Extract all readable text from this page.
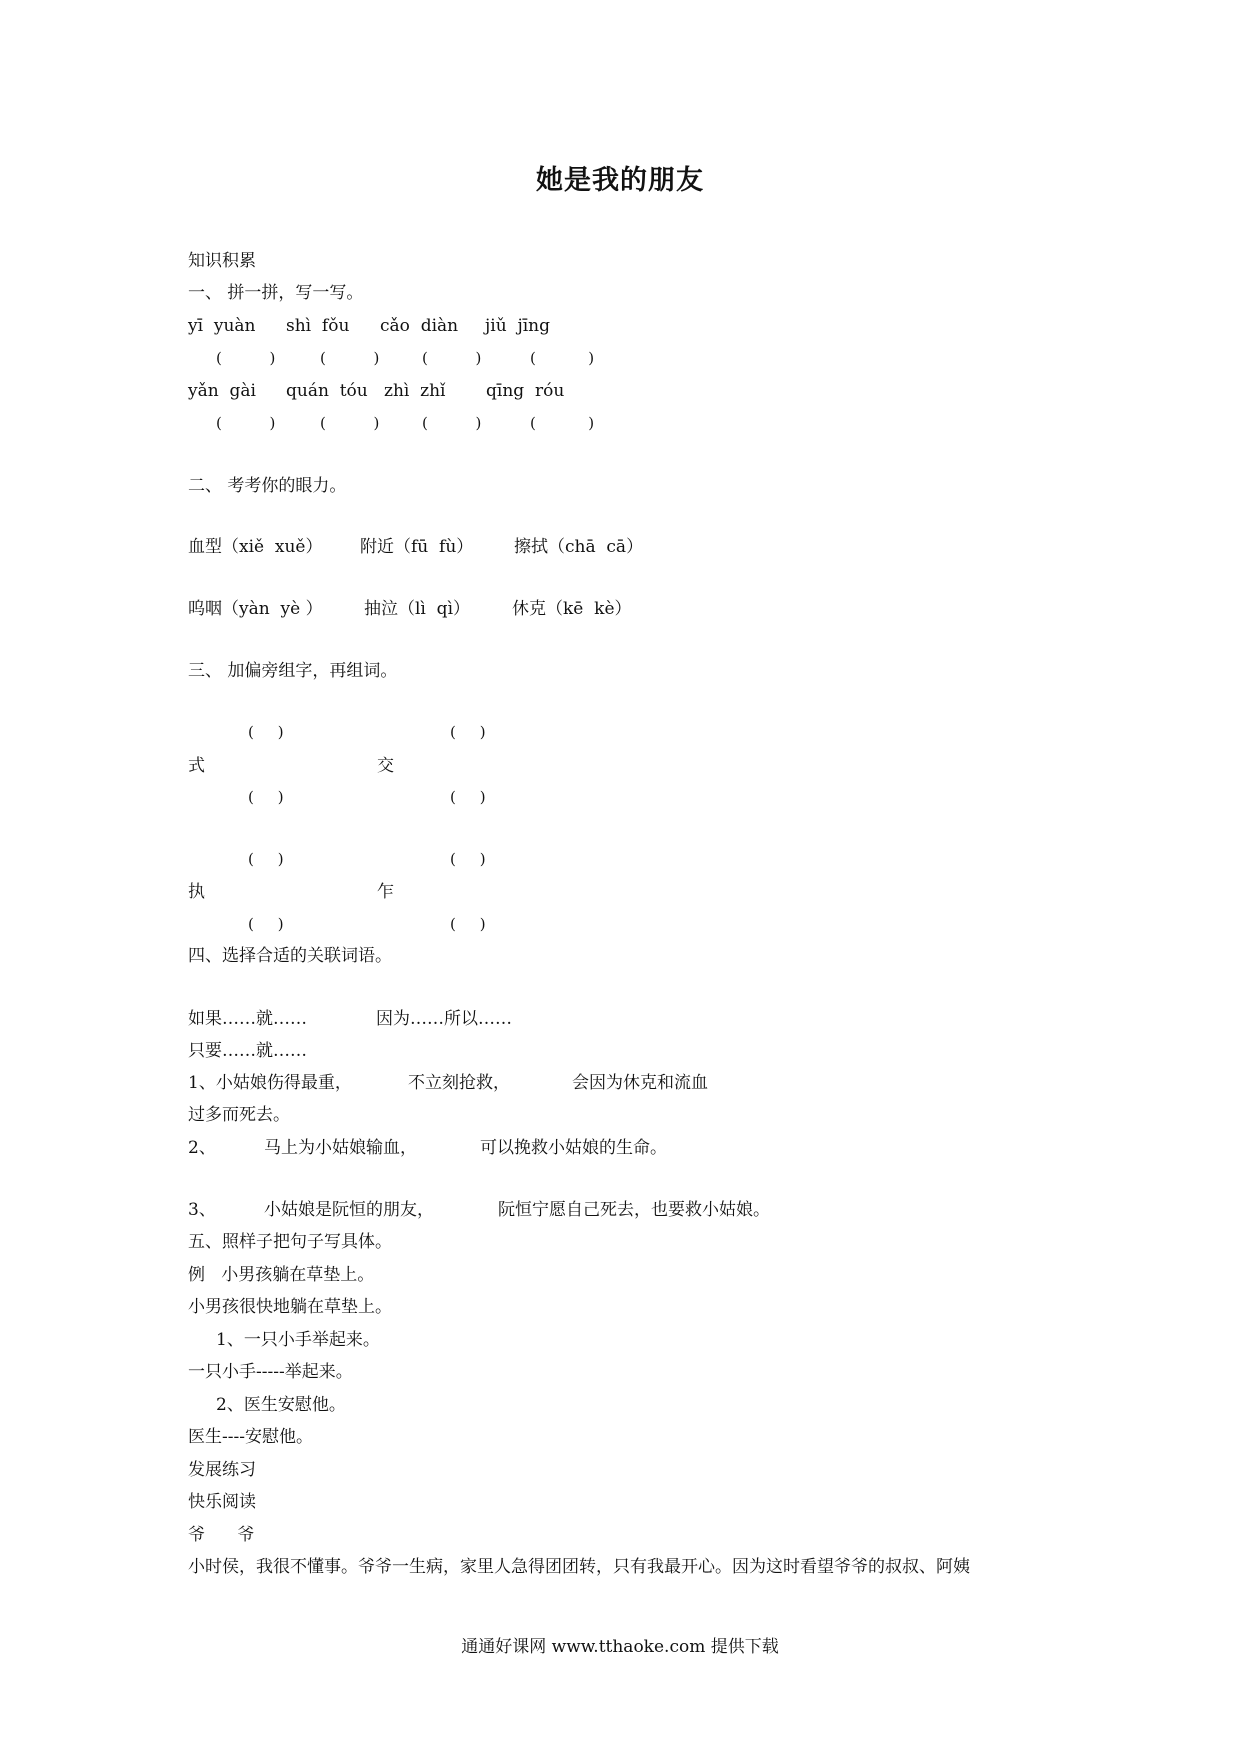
她是我的朋友
知识积累
一、 拼一拼，写一写。
yī  yuàn shì  fǒu cǎo  diàn jiǔ  jīng
(          )	(          )	(          )	(           )
yǎn  gài quán  tóu zhì  zhǐ qīng  róu
(          )	(          )	(          )	(           )
二、 考考你的眼力。
血型（xiě  xuě） 附近（fū  fù） 擦拭（chā  cā）
呜咽（yàn  yè ） 抽泣（lì  qì） 休克（kē  kè）
三、 加偏旁组字，再组词。
(     )	(     )
式	交
(     )	(     )
(     )	(     )
执	乍
(     )	(     )
四、选择合适的关联词语。
如果……就……	因为……所以……
只要……就……
1、小姑娘伤得最重，	不立刻抢救，	会因为休克和流血
过多而死去。
2、	马上为小姑娘输血，	可以挽救小姑娘的生命。
3、	小姑娘是阮恒的朋友，	阮恒宁愿自己死去，也要救小姑娘。
五、照样子把句子写具体。
例   小男孩躺在草垫上。
小男孩很快地躺在草垫上。
1、一只小手举起来。
一只小手-----举起来。
2、医生安慰他。
医生----安慰他。
发展练习
快乐阅读
爷      爷
小时侯，我很不懂事。爷爷一生病，家里人急得团团转，只有我最开心。因为这时看望爷爷的叔叔、阿姨
通通好课网 www.tthaoke.com 提供下载
